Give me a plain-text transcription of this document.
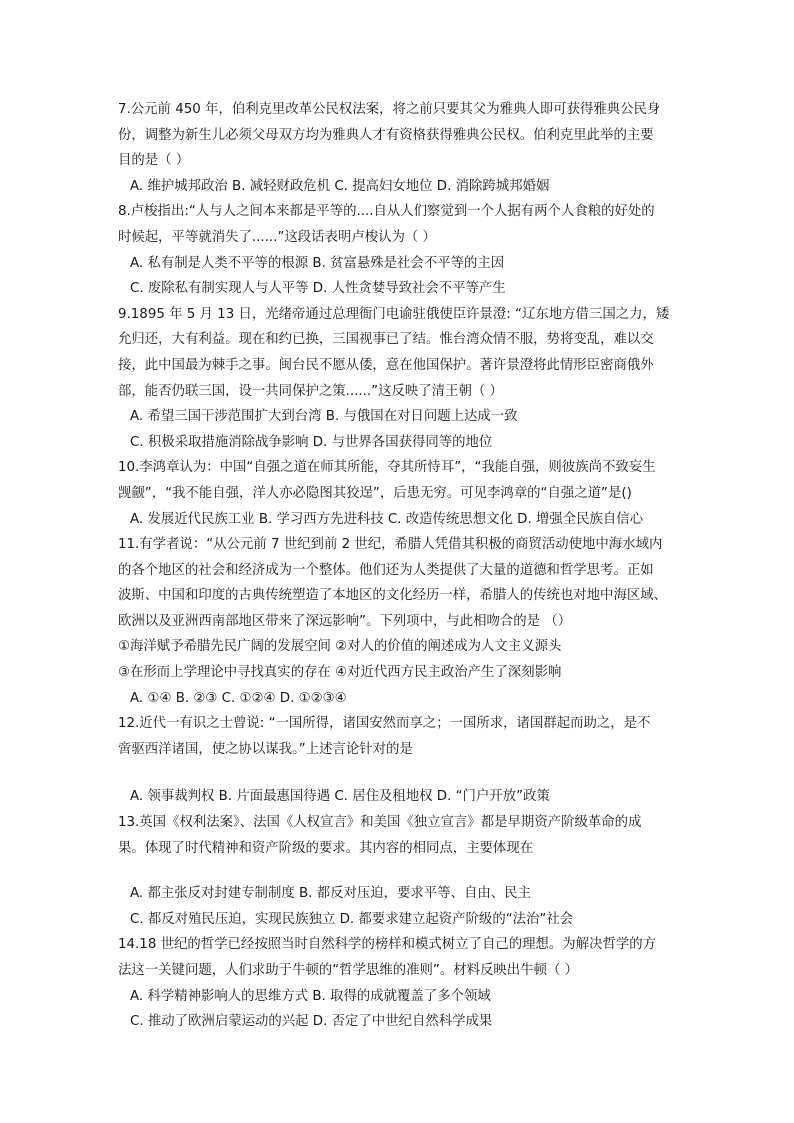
7.公元前 450 年，伯利克里改革公民权法案，将之前只要其父为雅典人即可获得雅典公民身
份，调整为新生儿必须父母双方均为雅典人才有资格获得雅典公民权。伯利克里此举的主要
目的是（ ）
A. 维护城邦政治 B. 减轻财政危机 C. 提高妇女地位 D. 消除跨城邦婚姻
8.卢梭指出:“人与人之间本来都是平等的....自从人们察觉到一个人据有两个人食粮的好处的
时候起，平等就消失了......”这段话表明卢梭认为（ ）
A. 私有制是人类不平等的根源 B. 贫富悬殊是社会不平等的主因
C. 废除私有制实现人与人平等 D. 人性贪婪导致社会不平等产生
9.1895 年 5 月 13 日，光绪帝通过总理衙门电谕驻俄使臣许景澄: “辽东地方借三国之力，矮
允归还，大有利益。现在和约已换，三国视事已了结。惟台湾众情不服，势将变乱，难以交
接，此中国最为棘手之事。闽台民不愿从倭，意在他国保护。著许景澄将此情形臣密商俄外
部，能否仍联三国，设一共同保护之策......”这反映了清王朝（ ）
A. 希望三国干涉范围扩大到台湾 B. 与俄国在对日问题上达成一致
C. 积极采取措施消除战争影响 D. 与世界各国获得同等的地位
10.李鸿章认为：中国“自强之道在师其所能，夺其所恃耳”，“我能自强，则彼族尚不致妄生
觊觎”，“我不能自强，洋人亦必隐图其狡逞”，后患无穷。可见李鸿章的“自强之道”是()
A. 发展近代民族工业 B. 学习西方先进科技 C. 改造传统思想文化 D. 增强全民族自信心
11.有学者说：“从公元前 7 世纪到前 2 世纪，希腊人凭借其积极的商贸活动使地中海水域内
的各个地区的社会和经济成为一个整体。他们还为人类提供了大量的道德和哲学思考。正如
波斯、中国和印度的古典传统塑造了本地区的文化经历一样，希腊人的传统也对地中海区域、
欧洲以及亚洲西南部地区带来了深远影响”。下列项中，与此相吻合的是 （）
①海洋赋予希腊先民广阔的发展空间 ②对人的价值的阐述成为人文主义源头
③在形而上学理论中寻找真实的存在 ④对近代西方民主政治产生了深刻影响
A. ①④ B. ②③ C. ①②④ D. ①②③④
12.近代一有识之士曾说: “一国所得，诸国安然而享之；一国所求，诸国群起而助之，是不
啻驱西洋诸国，使之协以谋我。”上述言论针对的是
A. 领事裁判权 B. 片面最惠国待遇 C. 居住及租地权 D. “门户开放”政策
13.英国《权利法案》、法国《人权宣言》和美国《独立宣言》都是早期资产阶级革命的成
果。体现了时代精神和资产阶级的要求。其内容的相同点，主要体现在
A. 都主张反对封建专制制度 B. 都反对压迫，要求平等、自由、民主
C. 都反对殖民压迫，实现民族独立 D. 都要求建立起资产阶级的“法治”社会
14.18 世纪的哲学已经按照当时自然科学的榜样和模式树立了自己的理想。为解决哲学的方
法这一关键问题，人们求助于牛顿的“哲学思维的准则”。材料反映出牛顿（ ）
A. 科学精神影响人的思维方式 B. 取得的成就覆盖了多个领域
C. 推动了欧洲启蒙运动的兴起 D. 否定了中世纪自然科学成果
